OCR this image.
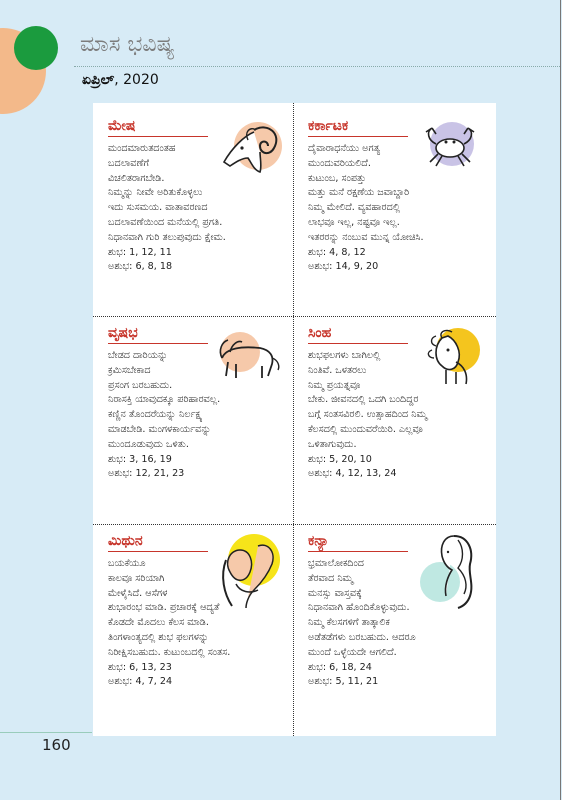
ಮಾಸ ಭವಿಷ್ಯ
ಏಪ್ರಿಲ್, 2020
ಮೇಷ
ಮಂದಮಾರುತದಂತಹ
ಬದಲಾವಣೆಗೆ
ವಿಚಲಿತರಾಗಬೇಡಿ.
ನಿಮ್ಮನ್ನು ನೀವೇ ಅರಿತುಕೊಳ್ಳಲು
ಇದು ಸುಸಮಯ. ವಾತಾವರಣದ
ಬದಲಾವಣೆಯಿಂದ ಮನೆಯಲ್ಲಿ ಪ್ರಗತಿ.
ನಿಧಾನವಾಗಿ ಗುರಿ ತಲುಪುವುದು ಕ್ಷೇಮ.
ಶುಭ: 1, 12, 11
ಅಶುಭ: 6, 8, 18
ಕರ್ಕಾಟಕ
ದೈವಾರಾಧನೆಯು ಅಗತ್ಯ
ಮುಂದುವರಿಯಲಿದೆ.
ಕುಟುಂಬ, ಸಂಪತ್ತು
ಮತ್ತು ಮನೆ ರಕ್ಷಣೆಯ ಜವಾಬ್ದಾರಿ
ನಿಮ್ಮ ಮೇಲಿದೆ. ವ್ಯವಹಾರದಲ್ಲಿ
ಲಾಭವೂ ಇಲ್ಲ, ನಷ್ಟವೂ ಇಲ್ಲ.
ಇತರರನ್ನು ನಂಬುವ ಮುನ್ನ ಯೋಚಿಸಿ.
ಶುಭ: 4, 8, 12
ಅಶುಭ: 14, 9, 20
ವೃಷಭ
ಬೇಡದ ದಾರಿಯನ್ನು
ಕ್ರಮಿಸಬೇಕಾದ
ಪ್ರಸಂಗ ಬರಬಹುದು.
ನಿರಾಸಕ್ತಿ ಯಾವುದಕ್ಕೂ ಪರಿಹಾರವಲ್ಲ.
ಕಣ್ಣಿನ ತೊಂದರೆಯನ್ನು ನಿರ್ಲಕ್ಷ್ಯ
ಮಾಡಬೇಡಿ. ಮಂಗಳಕಾರ್ಯವನ್ನು
ಮುಂದೂಡುವುದು ಒಳಿತು.
ಶುಭ: 3, 16, 19
ಅಶುಭ: 12, 21, 23
ಸಿಂಹ
ಶುಭಫಲಗಳು ಬಾಗಿಲಲ್ಲಿ
ನಿಂತಿವೆ. ಒಳತರಲು
ನಿಮ್ಮ ಪ್ರಯತ್ನವೂ
ಬೇಕು. ಜೀವನದಲ್ಲಿ ಒದಗಿ ಬಂದಿದ್ದರ
ಬಗ್ಗೆ ಸಂತಸವಿರಲಿ. ಉತ್ಸಾಹದಿಂದ ನಿಮ್ಮ
ಕೆಲಸದಲ್ಲಿ ಮುಂದುವರೆಯಿರಿ. ಎಲ್ಲವೂ
ಒಳಿತಾಗುವುದು.
ಶುಭ: 5, 20, 10
ಅಶುಭ: 4, 12, 13, 24
ಮಿಥುನ
ಬಯಕೆಯೂ
ಕಾಲವೂ ಸರಿಯಾಗಿ
ಮೇಳೈಸಿದೆ. ಆಸೆಗಳ
ಶುಭಾರಂಭ ಮಾಡಿ. ಪ್ರಚಾರಕ್ಕೆ ಆದ್ಯತೆ
ಕೊಡದೇ ಮೊದಲು ಕೆಲಸ ಮಾಡಿ.
ತಿಂಗಳಾಂತ್ಯದಲ್ಲಿ ಶುಭ ಫಲಗಳನ್ನು
ನಿರೀಕ್ಷಿಸಬಹುದು. ಕುಟುಂಬದಲ್ಲಿ ಸಂತಸ.
ಶುಭ: 6, 13, 23
ಅಶುಭ: 4, 7, 24
ಕನ್ಯಾ
ಭ್ರಮಾಲೋಕದಿಂದ
ತೆರವಾದ ನಿಮ್ಮ
ಮನಸ್ಸು ವಾಸ್ತವಕ್ಕೆ
ನಿಧಾನವಾಗಿ ಹೊಂದಿಕೊಳ್ಳುವುದು.
ನಿಮ್ಮ ಕೆಲಸಗಳಿಗೆ ತಾತ್ಕಾಲಿಕ
ಅಡೆತಡೆಗಳು ಬರಬಹುದು. ಆದರೂ
ಮುಂದೆ ಒಳ್ಳೆಯದೇ ಆಗಲಿದೆ.
ಶುಭ: 6, 18, 24
ಅಶುಭ: 5, 11, 21
160
